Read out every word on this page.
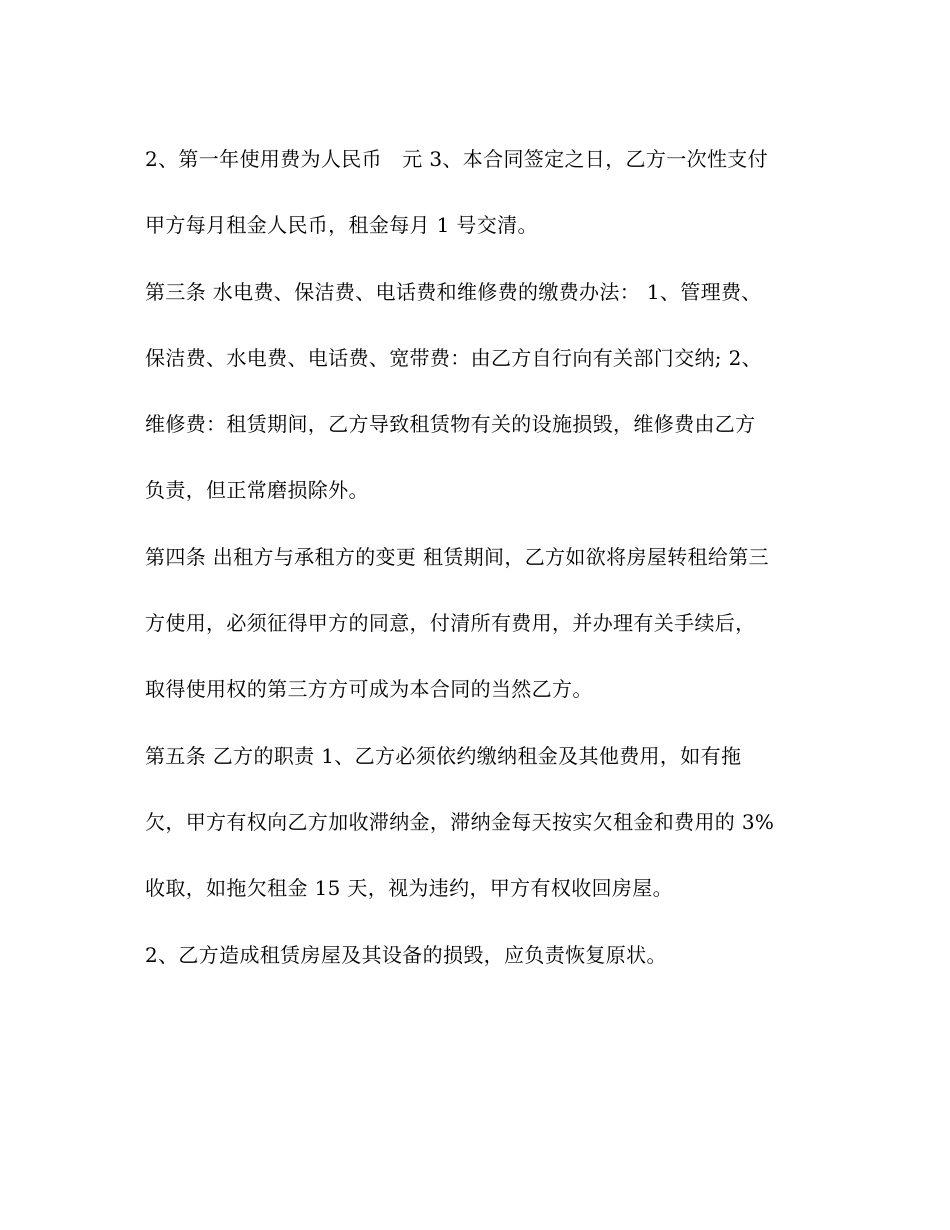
2、第一年使用费为人民币　元 3、本合同签定之日，乙方一次性支付
甲方每月租金人民币，租金每月 1 号交清。
第三条 水电费、保洁费、电话费和维修费的缴费办法： 1、管理费、
保洁费、水电费、电话费、宽带费：由乙方自行向有关部门交纳; 2、
维修费：租赁期间，乙方导致租赁物有关的设施损毁，维修费由乙方
负责，但正常磨损除外。
第四条 出租方与承租方的变更 租赁期间，乙方如欲将房屋转租给第三
方使用，必须征得甲方的同意，付清所有费用，并办理有关手续后，
取得使用权的第三方方可成为本合同的当然乙方。
第五条 乙方的职责 1、乙方必须依约缴纳租金及其他费用，如有拖
欠，甲方有权向乙方加收滞纳金，滞纳金每天按实欠租金和费用的 3%
收取，如拖欠租金 15 天，视为违约，甲方有权收回房屋。
2、乙方造成租赁房屋及其设备的损毁，应负责恢复原状。
